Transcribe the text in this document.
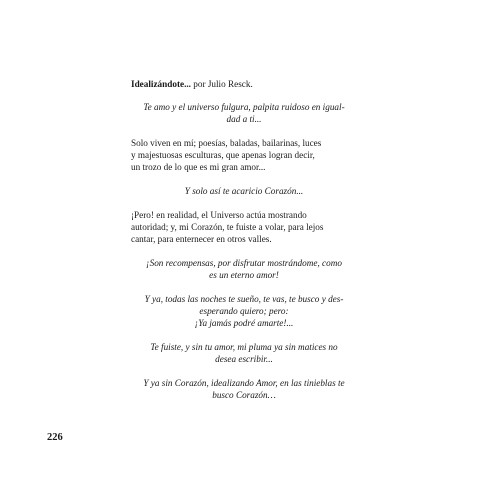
Idealizándote... por Julio Resck.

Te amo y el universo fulgura, palpita ruidoso en igual-
dad a ti...
Solo viven en mí; poesías, baladas, bailarinas, luces
y majestuosas esculturas, que apenas logran decir,
un trozo de lo que es mi gran amor...
Y solo así te acaricio Corazón...
¡Pero! en realidad, el Universo actúa mostrando
autoridad; y, mi Corazón, te fuiste a volar, para lejos
cantar, para enternecer en otros valles.
¡Son recompensas, por disfrutar mostrándome, como
es un eterno amor!
Y ya, todas las noches te sueño, te vas, te busco y des-
esperando quiero; pero:
¡Ya jamás podré amarte!...
Te fuiste, y sin tu amor, mi pluma ya sin matices no
desea escribir...
Y ya sin Corazón, idealizando Amor, en las tinieblas te
busco Corazón…
226
